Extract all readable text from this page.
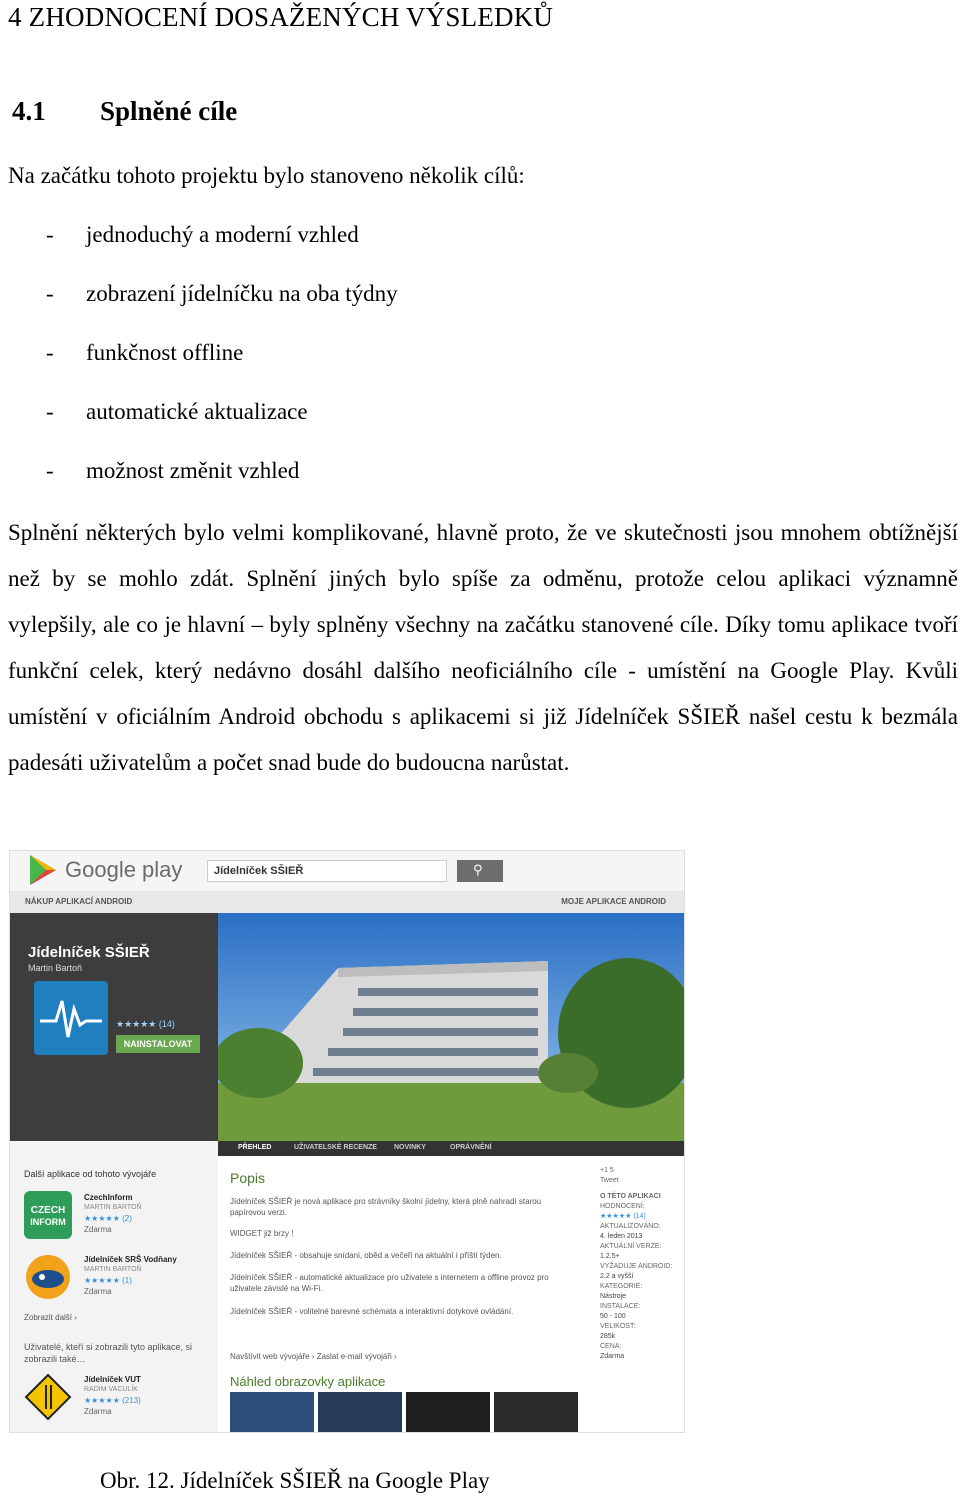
4 ZHODNOCENÍ DOSAŽENÝCH VÝSLEDKŮ
4.1 Splněné cíle
Na začátku tohoto projektu bylo stanoveno několik cílů:
- jednoduchý a moderní vzhled
- zobrazení jídelníčku na oba týdny
- funkčnost offline
- automatické aktualizace
- možnost změnit vzhled
Splnění některých bylo velmi komplikované, hlavně proto, že ve skutečnosti jsou mnohem obtížnější než by se mohlo zdát. Splnění jiných bylo spíše za odměnu, protože celou aplikaci významně vylepšily, ale co je hlavní – byly splněny všechny na začátku stanovené cíle. Díky tomu aplikace tvoří funkční celek, který nedávno dosáhl dalšího neoficiálního cíle - umístění na Google Play. Kvůli umístění v oficiálním Android obchodu s aplikacemi si již Jídelníček SŠIEŘ našel cestu k bezmála padesáti uživatelům a počet snad bude do budoucna narůstat.
Google play	Jídelníček SŠIEŘ	⚲
NÁKUP APLIKACÍ ANDROID	MOJE APLIKACE ANDROID
Jídelníček SŠIEŘ
Martin Bartoň
★★★★★ (14)
NAINSTALOVAT
PŘEHLED	UŽIVATELSKÉ RECENZE NOVINKY	OPRÁVNĚNÍ
Další aplikace od tohoto vývojáře
CZECH
INFORM
CzechInform
MARTIN BARTOŇ
★★★★★ (2)
Zdarma
Jídelníček SRŠ Vodňany
MARTIN BARTOŇ
★★★★★ (1)
Zdarma
Zobrazit další ›
Uživatelé, kteří si zobrazili tyto aplikace, si zobrazili také…
Jídelníček VUT
RADIM VACULÍK
★★★★★ (213)
Zdarma
Popis
Jídelníček SŠIEŘ je nová aplikace pro strávníky školní jídelny, která plně nahradí starou papírovou verzi.
WIDGET již brzy !
Jídelníček SŠIEŘ - obsahuje snídani, oběd a večeři na aktuální i příští týden.
Jídelníček SŠIEŘ - automatické aktualizace pro uživatele s internetem a offline provoz pro uživatele závislé na Wi-Fi.
Jídelníček SŠIEŘ - volitelné barevné schémata a interaktivní dotykové ovládání.
Navštívit web vývojáře › Zaslat e-mail vývojáři ›
Náhled obrazovky aplikace
+1 5
Tweet
O TÉTO APLIKACI
HODNOCENÍ:
★★★★★ (14)
AKTUALIZOVÁNO:
4. leden 2013
AKTUÁLNÍ VERZE:
1.2.5+
VYŽADUJE ANDROID:
2.2 a vyšší
KATEGORIE:
Nástroje
INSTALACE:
50 - 100
VELIKOST:
285k
CENA:
Zdarma
Obr. 12. Jídelníček SŠIEŘ na Google Play
